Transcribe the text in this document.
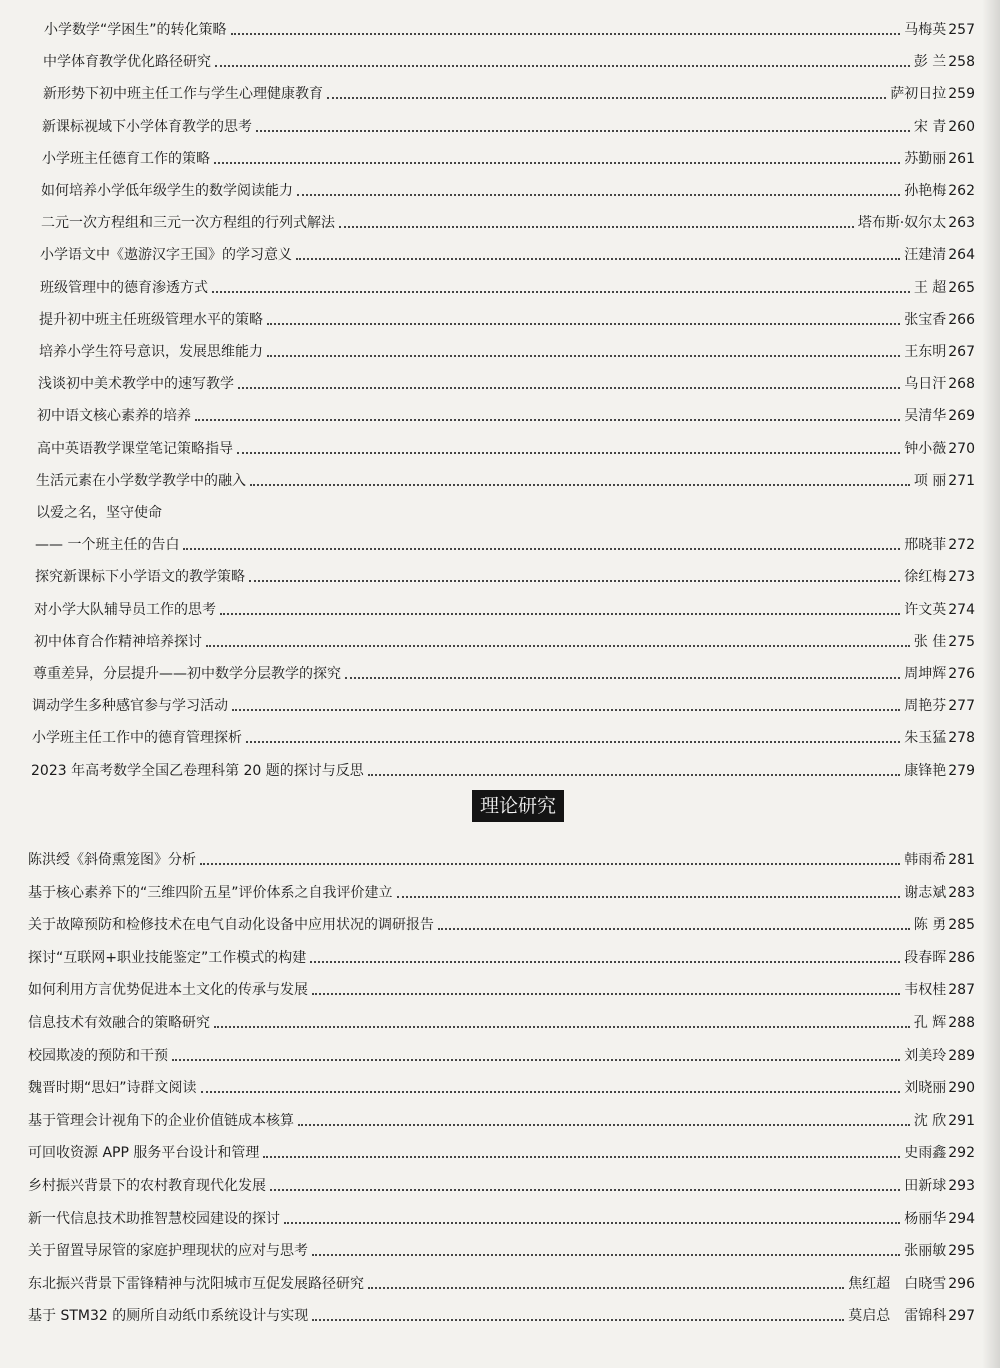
小学数学“学困生”的转化策略	马梅英 257
中学体育教学优化路径研究	彭 兰 258
新形势下初中班主任工作与学生心理健康教育	萨初日拉 259
新课标视域下小学体育教学的思考	宋 青 260
小学班主任德育工作的策略	苏勤丽 261
如何培养小学低年级学生的数学阅读能力	孙艳梅 262
二元一次方程组和三元一次方程组的行列式解法	塔布斯·奴尔太 263
小学语文中《遨游汉字王国》的学习意义	汪建清 264
班级管理中的德育渗透方式	王 超 265
提升初中班主任班级管理水平的策略	张宝香 266
培养小学生符号意识，发展思维能力	王东明 267
浅谈初中美术教学中的速写教学	乌日汗 268
初中语文核心素养的培养	吴清华 269
高中英语教学课堂笔记策略指导	钟小薇 270
生活元素在小学数学教学中的融入	项 丽 271
以爱之名，坚守使命
—— 一个班主任的告白	邢晓菲 272
探究新课标下小学语文的教学策略	徐红梅 273
对小学大队辅导员工作的思考	许文英 274
初中体育合作精神培养探讨	张 佳 275
尊重差异，分层提升——初中数学分层教学的探究	周坤辉 276
调动学生多种感官参与学习活动	周艳芬 277
小学班主任工作中的德育管理探析	朱玉猛 278
2023 年高考数学全国乙卷理科第 20 题的探讨与反思	康锋艳 279
理论研究
陈洪绶《斜倚熏笼图》分析	韩雨希 281
基于核心素养下的“三维四阶五星”评价体系之自我评价建立	谢志斌 283
关于故障预防和检修技术在电气自动化设备中应用状况的调研报告	陈 勇 285
探讨“互联网+职业技能鉴定”工作模式的构建	段春晖 286
如何利用方言优势促进本土文化的传承与发展	韦权桂 287
信息技术有效融合的策略研究	孔 辉 288
校园欺凌的预防和干预	刘美玲 289
魏晋时期“思妇”诗群文阅读	刘晓丽 290
基于管理会计视角下的企业价值链成本核算	沈 欣 291
可回收资源 APP 服务平台设计和管理	史雨鑫 292
乡村振兴背景下的农村教育现代化发展	田新球 293
新一代信息技术助推智慧校园建设的探讨	杨丽华 294
关于留置导尿管的家庭护理现状的应对与思考	张丽敏 295
东北振兴背景下雷锋精神与沈阳城市互促发展路径研究	焦红超　白晓雪 296
基于 STM32 的厕所自动纸巾系统设计与实现	莫启总　雷锦科 297
